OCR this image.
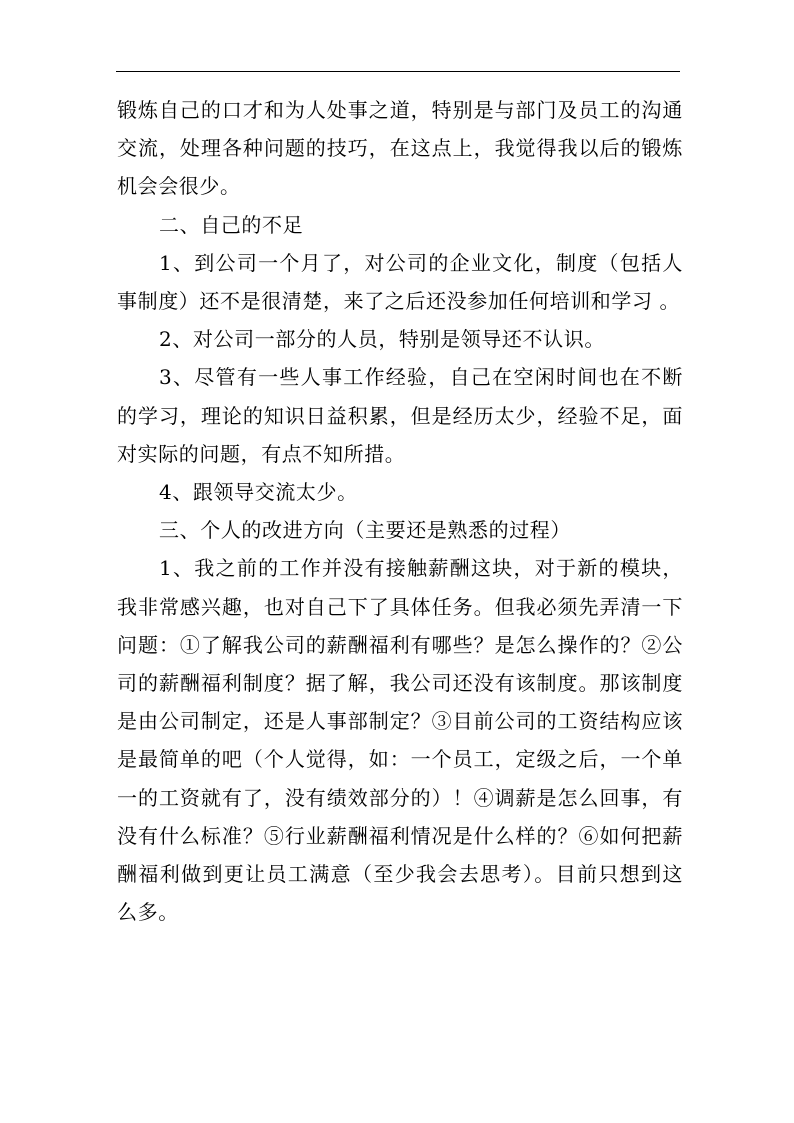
锻炼自己的口才和为人处事之道，特别是与部门及员工的沟通交流，处理各种问题的技巧，在这点上，我觉得我以后的锻炼机会会很少。

二、自己的不足

1、到公司一个月了，对公司的企业文化，制度（包括人事制度）还不是很清楚，来了之后还没参加任何培训和学习 。

2、对公司一部分的人员，特别是领导还不认识。

3、尽管有一些人事工作经验，自己在空闲时间也在不断的学习，理论的知识日益积累，但是经历太少，经验不足，面对实际的问题，有点不知所措。

4、跟领导交流太少。

三、个人的改进方向（主要还是熟悉的过程）

1、我之前的工作并没有接触薪酬这块，对于新的模块，我非常感兴趣，也对自己下了具体任务。但我必须先弄清一下问题：①了解我公司的薪酬福利有哪些？是怎么操作的？②公司的薪酬福利制度？据了解，我公司还没有该制度。那该制度是由公司制定，还是人事部制定？③目前公司的工资结构应该是最简单的吧（个人觉得，如：一个员工，定级之后，一个单一的工资就有了，没有绩效部分的）！④调薪是怎么回事，有没有什么标准？⑤行业薪酬福利情况是什么样的？⑥如何把薪酬福利做到更让员工满意（至少我会去思考）。目前只想到这么多。
